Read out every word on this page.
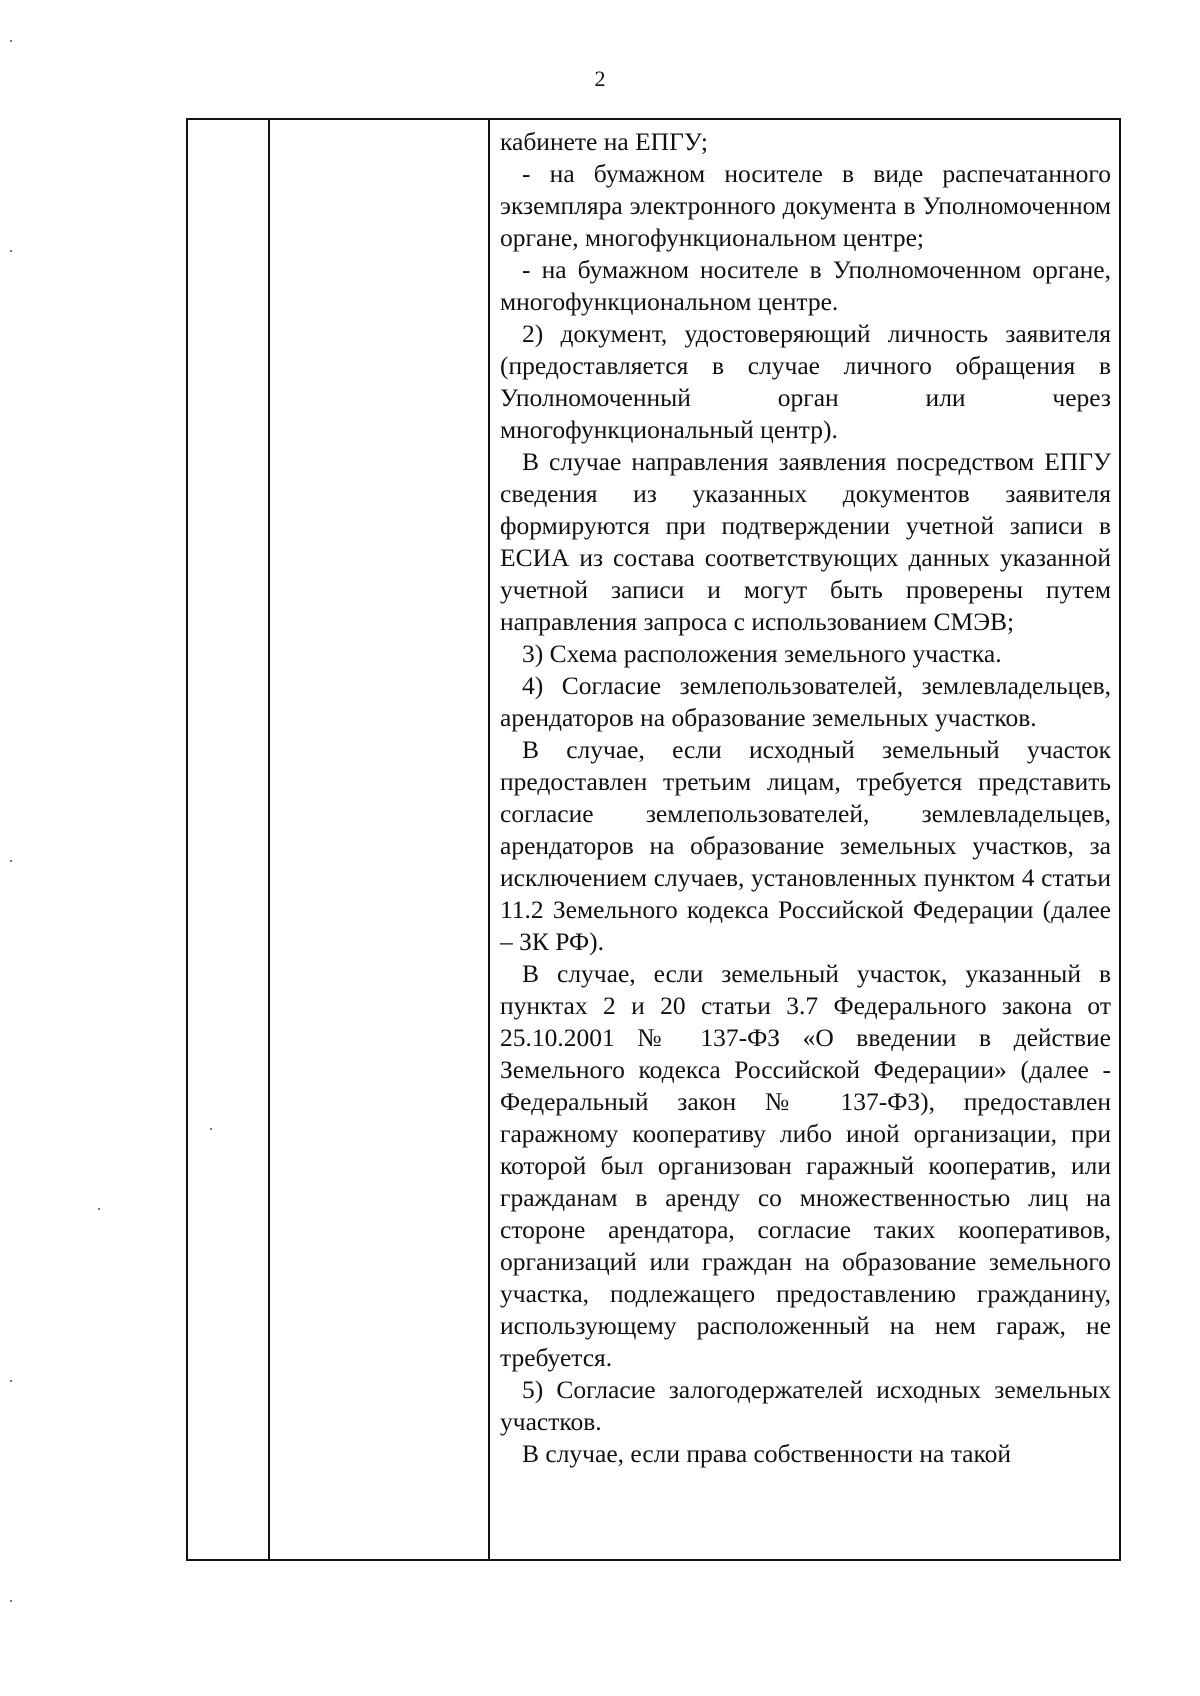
2
кабинете на ЕПГУ;
- на бумажном носителе в виде распечатанного экземпляра электронного документа в Уполномоченном органе, многофункциональном центре;
- на бумажном носителе в Уполномоченном органе, многофункциональном центре.
2) документ, удостоверяющий личность заявителя (предоставляется в случае личного обращения в Уполномоченный орган или через многофункциональный центр).
В случае направления заявления посредством ЕПГУ сведения из указанных документов заявителя формируются при подтверждении учетной записи в ЕСИА из состава соответствующих данных указанной учетной записи и могут быть проверены путем направления запроса с использованием СМЭВ;
3) Схема расположения земельного участка.
4) Согласие землепользователей, землевладельцев, арендаторов на образование земельных участков.
В случае, если исходный земельный участок предоставлен третьим лицам, требуется представить согласие землепользователей, землевладельцев, арендаторов на образование земельных участков, за исключением случаев, установленных пунктом 4 статьи 11.2 Земельного кодекса Российской Федерации (далее – ЗК РФ).
В случае, если земельный участок, указанный в пунктах 2 и 20 статьи 3.7 Федерального закона от 25.10.2001 № 137-ФЗ «О введении в действие Земельного кодекса Российской Федерации» (далее - Федеральный закон № 137-ФЗ), предоставлен гаражному кооперативу либо иной организации, при которой был организован гаражный кооператив, или гражданам в аренду со множественностью лиц на стороне арендатора, согласие таких кооперативов, организаций или граждан на образование земельного участка, подлежащего предоставлению гражданину, использующему расположенный на нем гараж, не требуется.
5) Согласие залогодержателей исходных земельных участков.
В случае, если права собственности на такой
